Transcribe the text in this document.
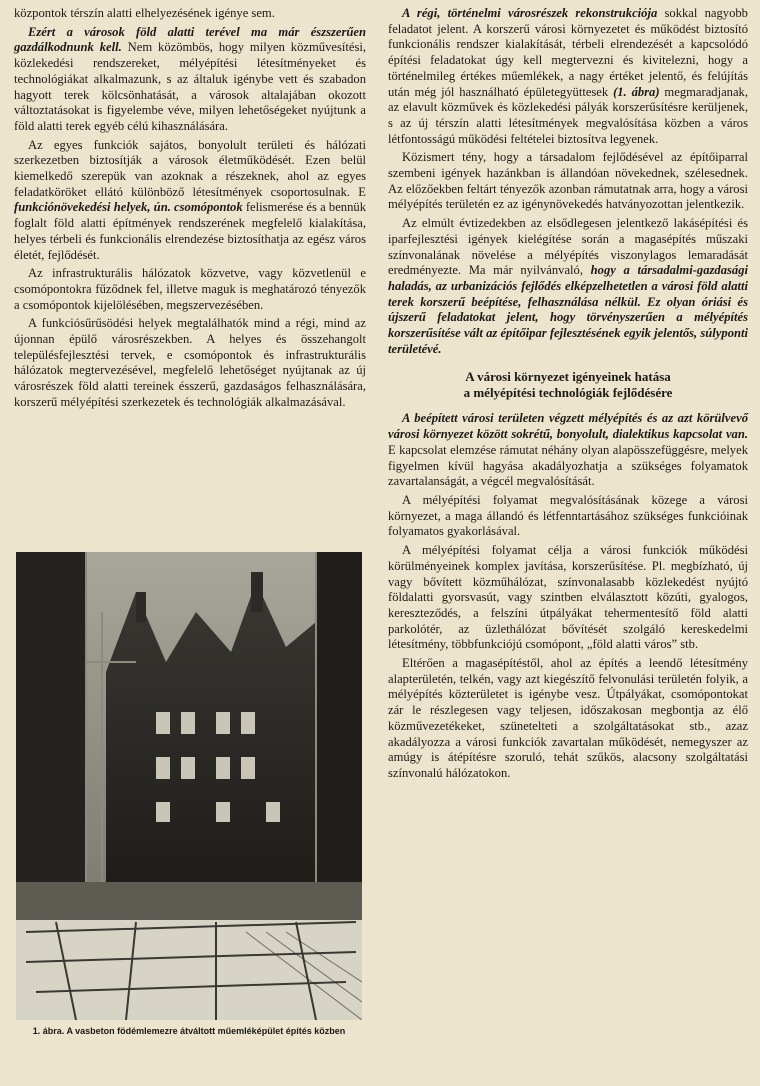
központok térszín alatti elhelyezésének igénye sem.

Ezért a városok föld alatti terével ma már észszerűen gazdálkodnunk kell. Nem közömbös, hogy milyen közművesítési, közlekedési rendszereket, mélyépítési létesítményeket és technológiákat alkalmazunk, s az általuk igénybe vett és szabadon hagyott terek kölcsönhatását, a városok altalajában okozott változtatásokat is figyelembe véve, milyen lehetőségeket nyújtunk a föld alatti terek egyéb célú kihasználására.

Az egyes funkciók sajátos, bonyolult területi és hálózati szerkezetben biztosítják a városok életműködését. Ezen belül kiemelkedő szerepük van azoknak a részeknek, ahol az egyes feladatköröket ellátó különböző létesítmények csoportosulnak. E funkciónövekedési helyek, ún. csomópontok felismerése és a bennük foglalt föld alatti építmények rendszerének megfelelő kialakítása, helyes térbeli és funkcionális elrendezése biztosíthatja az egész város életét, fejlődését.

Az infrastrukturális hálózatok közvetve, vagy közvetlenül e csomópontokra fűződnek fel, illetve maguk is meghatározó tényezők a csomópontok kijelölésében, megszervezésében.

A funkciósűrűsödési helyek megtalálhatók mind a régi, mind az újonnan épülő városrészekben. A helyes és összehangolt településfejlesztési tervek, e csomópontok és infrastrukturális hálózatok megtervezésével, megfelelő lehetőséget nyújtanak az új városrészek föld alatti tereinek ésszerű, gazdaságos felhasználására, korszerű mélyépítési szerkezetek és technológiák alkalmazásával.

1. ábra. A vasbeton födémlemezre átváltott műemléképület építés közben

A régi, történelmi városrészek rekonstrukciója sokkal nagyobb feladatot jelent. A korszerű városi környezetet és működést biztosító funkcionális rendszer kialakítását, térbeli elrendezését a kapcsolódó építési feladatokat úgy kell megtervezni és kivitelezni, hogy a történelmileg értékes műemlékek, a nagy értéket jelentő, és felújítás után még jól használható épületegyüttesek (1. ábra) megmaradjanak, az elavult közművek és közlekedési pályák korszerűsítésre kerüljenek, s az új térszín alatti létesítmények megvalósítása közben a város létfontosságú működési feltételei biztosítva legyenek.

Közismert tény, hogy a társadalom fejlődésével az építőiparral szembeni igények hazánkban is állandóan növekednek, szélesednek. Az előzőekben feltárt tényezők azonban rámutatnak arra, hogy a városi mélyépítés területén ez az igénynövekedés hatványozottan jelentkezik.

Az elmúlt évtizedekben az elsődlegesen jelentkező lakásépítési és iparfejlesztési igények kielégítése során a magasépítés műszaki színvonalának növelése a mélyépítés viszonylagos lemaradását eredményezte. Ma már nyilvánvaló, hogy a társadalmi-gazdasági haladás, az urbanizációs fejlődés elképzelhetetlen a városi föld alatti terek korszerű beépítése, felhasználása nélkül. Ez olyan óriási és újszerű feladatokat jelent, hogy törvényszerűen a mélyépítés korszerűsítése vált az építőipar fejlesztésének egyik jelentős, súlyponti területévé.

A városi környezet igényeinek hatása
a mélyépítési technológiák fejlődésére

A beépített városi területen végzett mélyépítés és az azt körülvevő városi környezet között sokrétű, bonyolult, dialektikus kapcsolat van. E kapcsolat elemzése rámutat néhány olyan alapösszefüggésre, melyek figyelmen kívül hagyása akadályozhatja a szükséges folyamatok zavartalanságát, a végcél megvalósítását.

A mélyépítési folyamat megvalósításának közege a városi környezet, a maga állandó és létfenntartásához szükséges funkcióinak folyamatos gyakorlásával.

A mélyépítési folyamat célja a városi funkciók működési körülményeinek komplex javítása, korszerűsítése. Pl. megbízható, új vagy bővített közműhálózat, színvonalasabb közlekedést nyújtó földalatti gyorsvasút, vagy szintben elválasztott közúti, gyalogos, kereszteződés, a felszíni útpályákat tehermentesítő föld alatti parkolótér, az üzlethálózat bővítését szolgáló kereskedelmi létesítmény, többfunkciójú csomópont, „föld alatti város” stb.

Eltérően a magasépítéstől, ahol az építés a leendő létesítmény alapterületén, telkén, vagy azt kiegészítő felvonulási területén folyik, a mélyépítés közterületet is igénybe vesz. Útpályákat, csomópontokat zár le részlegesen vagy teljesen, időszakosan megbontja az élő közművezetékeket, szünetelteti a szolgáltatásokat stb., azaz akadályozza a városi funkciók zavartalan működését, nemegyszer az amúgy is átépítésre szoruló, tehát szűkös, alacsony szolgáltatási színvonalú hálózatokon.
